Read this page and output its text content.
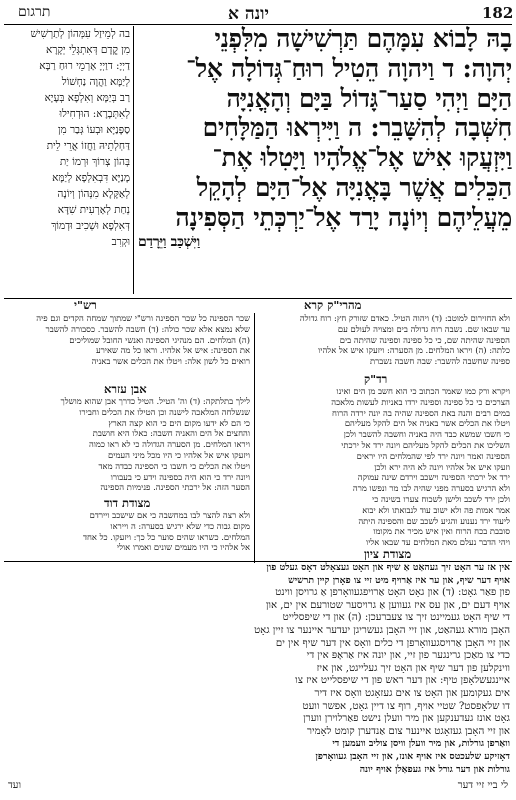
182
יונה א
תרגום
בה לְמֵיזַל עִמְּהוֹן לְתַרְשִׁישׁ
מִן קֳדָם דְּאִתְגְּלֵי יְקָרָא
דַיְיָ: דוַיְיָ אַרְמֵי רוּחַ רַבָּא
לְיַמָּא וַהֲוָה נַחְשׁוֹל
רַב בְּיַמָּא וְאִלְפָא בְּעָיָא
לְאִתְּבָרָא: הוּדְחִילוּ
סַפָּנַיָּא וּבְעוֹ גְּבַר מִן
דַּחְלְתֵיהּ וַחֲזוֹ אֲרֵי לֵית
בְּהוֹן צְרוֹךְ וּרְמוֹ יַת
מָנַיָּא דִּבְאִלְפָא לְיַמָּא
לְאַקָּלָא מִנְּהוֹן וְיוֹנָה
נְחַת לְאַרְעִית שִׁדָּא
דְּאִלְפָא וּשְׁכִיב וּדְמוֹךְ
וּקְרִב
בָהּ לָבוֹא עִמָּהֶם תַּרְשִׁישָׁה מִלִּפְנֵי
יְהוָה: ד וַיהוָה הֵטִיל רוּחַ־גְּדוֹלָה אֶל־
הַיָּם וַיְהִי סַעַר־גָּדוֹל בַּיָּם וְהָאֳנִיָּה
חִשְּׁבָה לְהִשָּׁבֵר: ה וַיִּירְאוּ הַמַּלָּחִים
וַיִּזְעֲקוּ אִישׁ אֶל־אֱלֹהָיו וַיָּטִלוּ אֶת־
הַכֵּלִים אֲשֶׁר בָּאֳנִיָּה אֶל־הַיָּם לְהָקֵל
מֵעֲלֵיהֶם וְיוֹנָה יָרַד אֶל־יַרְכְּתֵי הַסְּפִינָה
וַיִּשְׁכַּב וַיֵּרָדַם
רש"י	מהרי"ק קרא
שכר הספינה כל שכר הספינה ורש"י שמתוך שמחה הקדים וגם פיה
שלא נמצא אלא שכר כולה: (ד) חשבה להשבר. כסבורה להשבר
(ה) המלחים. הם מנהיגי הספינה ואנשי החובל שמוליכים
את הספינה: איש אל אלהיו. וראו כל מה שאירע
רואים כל לשון אלה: ויטלו את הכלים אשר באניה
ולא החזירום למוטב: (ד) ויהוה הטיל. כאדם שזורק חץ: רוח גדולה
עד שבאו שם. נשבה רוח גדולה בים ומצויה לעולם עם
הספינה שהיתה שם, כי כל ספינה וספינה שהיתה בים
כלתה: (ה) ויראו המלחים. מן הסערה: ויזעקו איש אל אלהיו
ספינה שחשבה להשבר: שבה חשבה נשברת
רד"ק
אבן עזרא	ויקרא ורק כמו שאמר הכתוב כי הוא חשב מן הים ואינו
הצרכים כי כל ספינה וספינה ירדו באניות לעשות מלאכה
במים רבים והנה באת הספינה שהיה בה יונה ירדה הרוח
ויטלו את הכלים אשר באניה אל הים להקל מעליהם
כי חשבו שמשא כבד היה באניה וחשבה להשבר ולכן
השליכו את הכלים להקל מעליהם ויונה ירד אל ירכתי
הספינה ואמר ויונה ירד לפי שהמלחים היו יראים
וזעקו איש אל אלהיו ויונה לא היה ירא ולכן
ירד אל ירכתי הספינה וישכב וירדם שינה עמוקה
ולא הרגיש בסערה מפני שהיה לבו מר ונפשו מרה
ולכן ירד לשכב ולישן לשכוח צערו בשינה כי
אמר אמות פה ולא ישוב עוד לנבואתו ולא יבוא
ליעוד ירד נענוע והגיע לשכב שם והספינה היתה
סובבת בכח הרוח ואין איש מכיר את מקומו
ויהי הדבר נעלם מאת המלחים עד שבאו אליו
לילך בתלתקה: (ד) וה' הטיל. הטיל כדרך אבן שהוא מושלך
שנשלחה המלאכה לישנה וכן הטילו את הכלים וחבירו
כי הם לא ידעו מקום הים כי הוא קצה הארץ
והחצים אל הים והאניה חשבה: כאלו היא חושבת
ויראו המלחים. מן הסערה הגדולה כי לא ראו כמוה
ויזעקו איש אל אלהיו כי היו מכל מיני העמים
ויטלו את הכלים כי חשבו כי הספינה כבדה מאד
ויונה ירד כי הוא היה בספינה וידע כי בעבורו
הסער הזה: אל ירכתי הספינה. פנימיות הספינה
מצודת דוד
ולא רצה להצר לבו במחשבה כי אם שישכב ויירדם
מקום גבוה כדי שלא ירגיש בסערה: ה וייראו
המלחים. כשראו שהים סוער כל כך: ויזעקו. כל אחד
אל אלהיו כי היו מעמים שונים ואמרו אולי	מצודת ציון
אין אז ער האָט זיך געהאַט אַ שיף און האָט געצאָלט דאָס געלט פון
אויף דער שיף, און ער איז אַרויף מיט זיי צו פאָרן קיין תרשיש
פון פאַר גאָט: (ד) און גאָט האָט אַרויפגעוואָרפן אַ גרויסן ווינט
אויף דעם ים, און עס איז געווען אַ גרויסער שטורעם אין ים, און
די שיף האָט געמיינט זיך צו צעברעכן: (ה) און די שיפסלייט
האָבן מורא געהאַט, און זיי האָבן געשריגן יעדער איינער צו זיין גאָט
און זיי האָבן אַרויסגעוואָרפן די כלים וואָס אין דער שיף אין ים
כדי צו מאַכן גרינגער פון זיי, און יונה איז אַראָפּ אין די
ווינקלען פון דער שיף און האָט זיך געלייגט, און איז
איינגעשלאָפן טיף: און דער ראש פון די שיפסלייט איז צו
אים געקומען און האָט צו אים געזאָגט וואָס איז דיר
דו שלאָפסט? שטיי אויף, רוף צו דיין גאָט, אפשר וועט
גאָט אונז געדענקען און מיר וועלן נישט פאַרלוירן ווערן
און זיי האָבן געזאָגט איינער צום אַנדערן קומט לאָמיר
וואַרפן גורלות, און מיר וועלן וויסן צוליב וועמען די
דאָזיקע שלעכטס איז אויף אונז, און זיי האָבן געוואָרפן
גורלות און דער גורל איז געפאַלן אויף יונה
לי ביי זיי דער
ועד
